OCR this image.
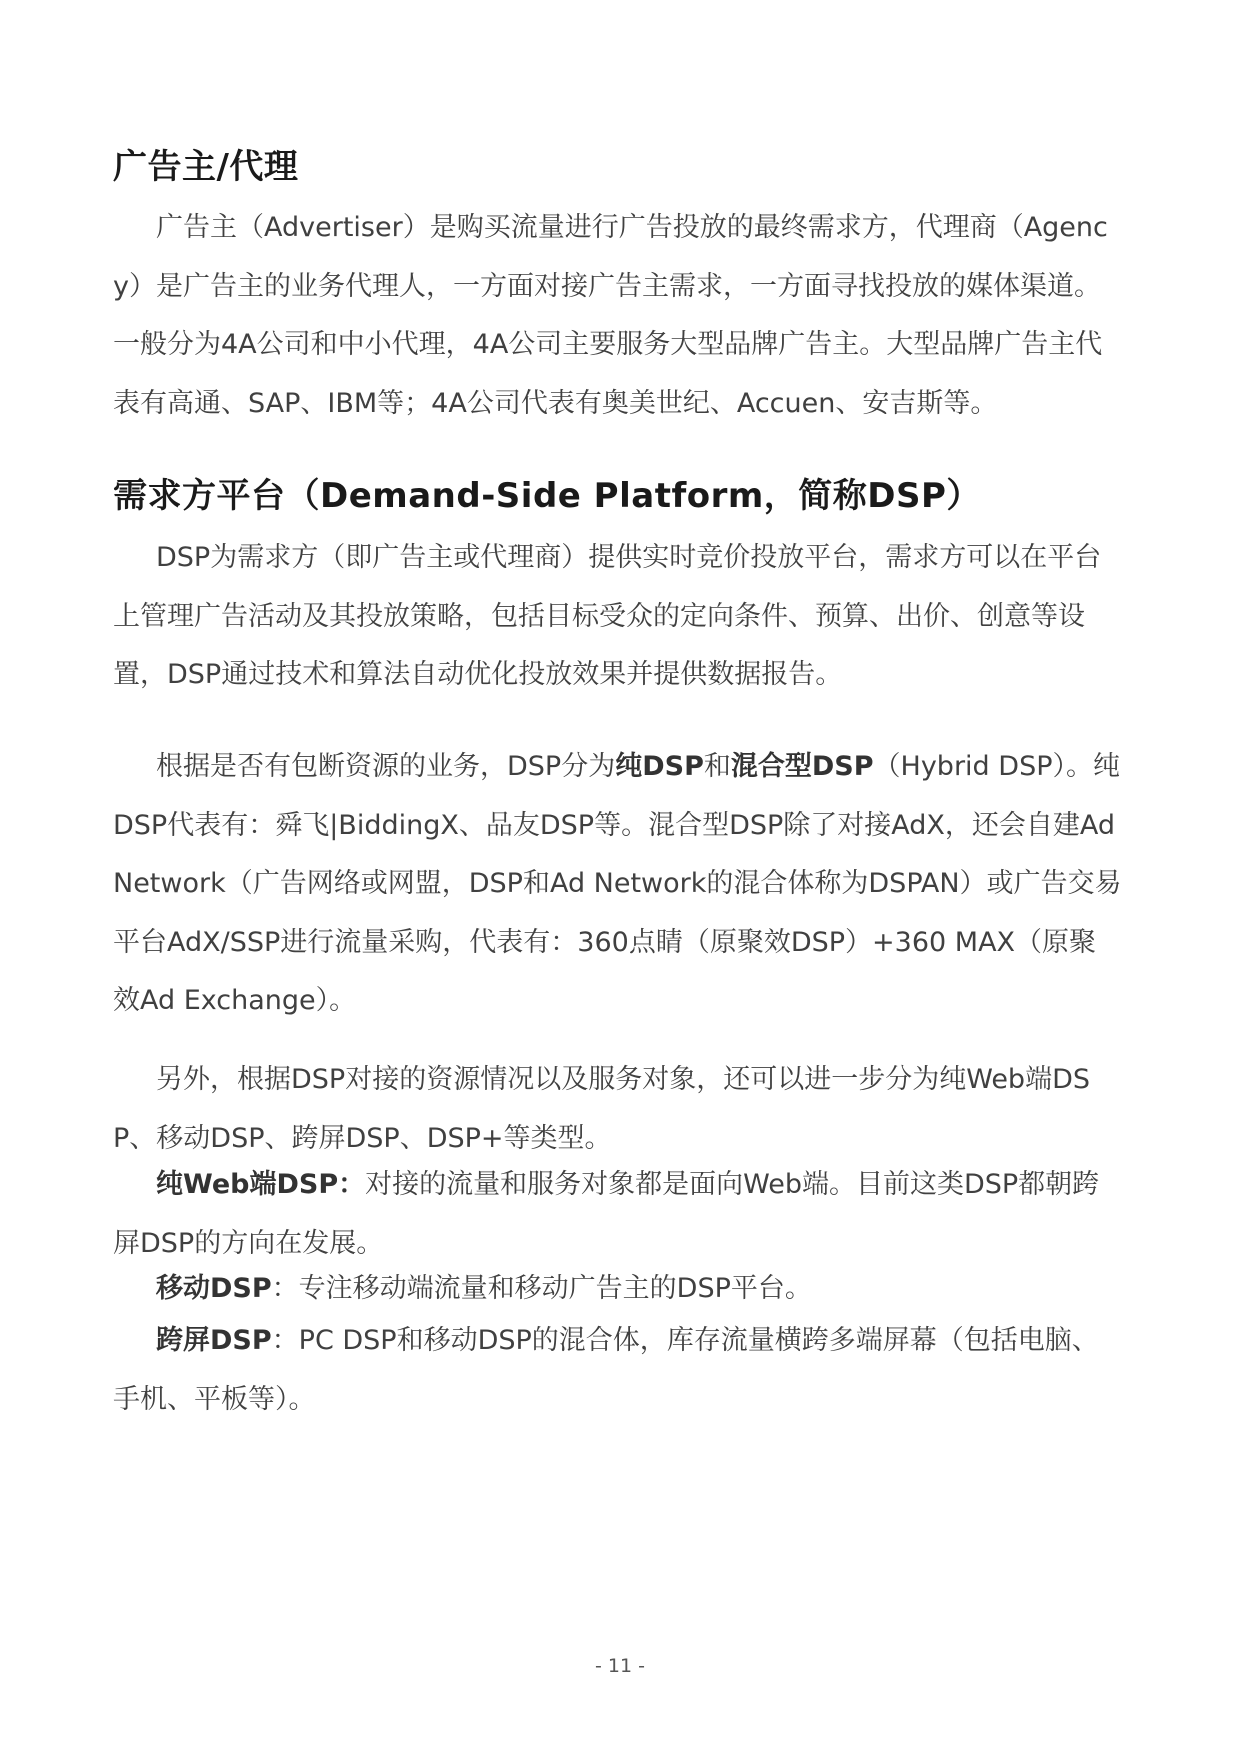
广告主/代理

广告主（Advertiser）是购买流量进行广告投放的最终需求方，代理商（Agency）是广告主的业务代理人，一方面对接广告主需求，一方面寻找投放的媒体渠道。一般分为4A公司和中小代理，4A公司主要服务大型品牌广告主。大型品牌广告主代表有高通、SAP、IBM等；4A公司代表有奥美世纪、Accuen、安吉斯等。

需求方平台（Demand-Side Platform，简称DSP）

DSP为需求方（即广告主或代理商）提供实时竞价投放平台，需求方可以在平台上管理广告活动及其投放策略，包括目标受众的定向条件、预算、出价、创意等设置，DSP通过技术和算法自动优化投放效果并提供数据报告。

根据是否有包断资源的业务，DSP分为纯DSP和混合型DSP（Hybrid DSP）。纯DSP代表有：舜飞|BiddingX、品友DSP等。混合型DSP除了对接AdX，还会自建Ad Network（广告网络或网盟，DSP和Ad Network的混合体称为DSPAN）或广告交易平台AdX/SSP进行流量采购，代表有：360点睛（原聚效DSP）+360 MAX（原聚效Ad Exchange）。

另外，根据DSP对接的资源情况以及服务对象，还可以进一步分为纯Web端DSP、移动DSP、跨屏DSP、DSP+等类型。

纯Web端DSP：对接的流量和服务对象都是面向Web端。目前这类DSP都朝跨屏DSP的方向在发展。

移动DSP：专注移动端流量和移动广告主的DSP平台。

跨屏DSP：PC DSP和移动DSP的混合体，库存流量横跨多端屏幕（包括电脑、手机、平板等）。

- 11 -
